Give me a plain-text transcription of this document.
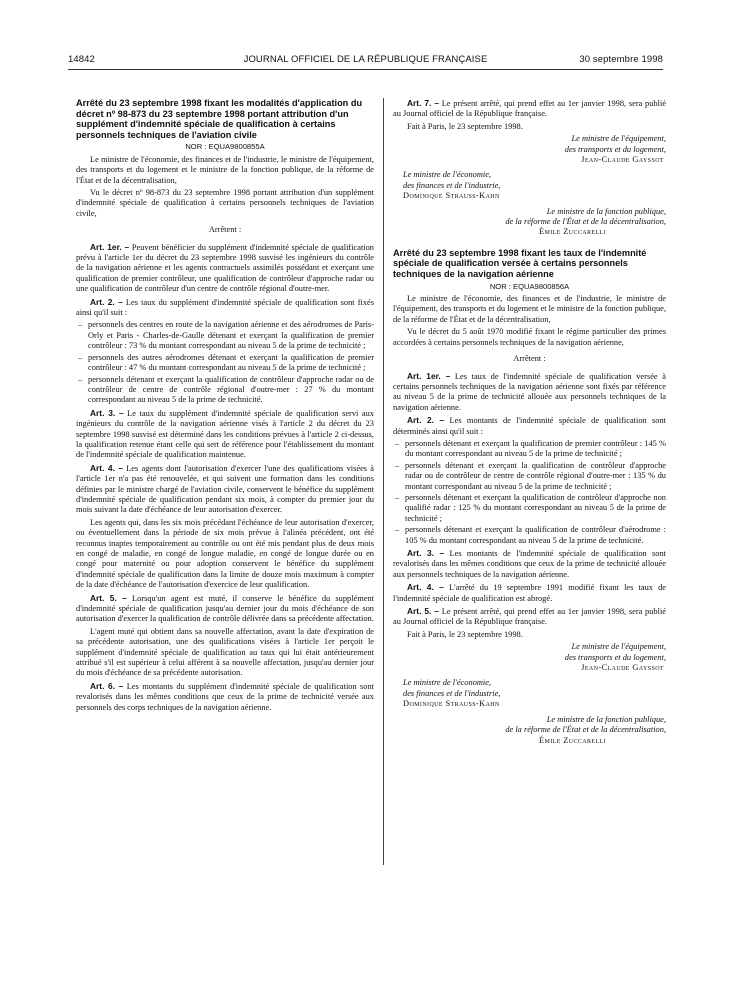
14842	JOURNAL OFFICIEL DE LA RÉPUBLIQUE FRANÇAISE	30 septembre 1998

Arrêté du 23 septembre 1998 fixant les modalités d'application du décret nº 98-873 du 23 septembre 1998 portant attribution d'un supplément d'indemnité spéciale de qualification à certains personnels techniques de l'aviation civile

NOR : EQUA9800855A

Le ministre de l'économie, des finances et de l'industrie, le ministre de l'équipement, des transports et du logement et le ministre de la fonction publique, de la réforme de l'État et de la décentralisation,

Vu le décret nº 98-873 du 23 septembre 1998 portant attribution d'un supplément d'indemnité spéciale de qualification à certains personnels techniques de l'aviation civile,

Arrêtent :

Art. 1er. – Peuvent bénéficier du supplément d'indemnité spéciale de qualification prévu à l'article 1er du décret du 23 septembre 1998 susvisé les ingénieurs du contrôle de la navigation aérienne et les agents contractuels assimilés possédant et exerçant une qualification de premier contrôleur, une qualification de contrôleur d'approche radar ou une qualification de contrôleur d'un centre de contrôle régional d'outre-mer.

Art. 2. – Les taux du supplément d'indemnité spéciale de qualification sont fixés ainsi qu'il suit :

– personnels des centres en route de la navigation aérienne et des aérodromes de Paris-Orly et Paris - Charles-de-Gaulle détenant et exerçant la qualification de premier contrôleur : 73 % du montant correspondant au niveau 5 de la prime de technicité ;
– personnels des autres aérodromes détenant et exerçant la qualification de premier contrôleur : 47 % du montant correspondant au niveau 5 de la prime de technicité ;
– personnels détenant et exerçant la qualification de contrôleur d'approche radar ou de contrôleur de centre de contrôle régional d'outre-mer : 27 % du montant correspondant au niveau 5 de la prime de technicité.

Art. 3. – Le taux du supplément d'indemnité spéciale de qualification servi aux ingénieurs du contrôle de la navigation aérienne visés à l'article 2 du décret du 23 septembre 1998 susvisé est déterminé dans les conditions prévues à l'article 2 ci-dessus, la qualification retenue étant celle qui sert de référence pour l'établissement du montant de l'indemnité spéciale de qualification maintenue.

Art. 4. – Les agents dont l'autorisation d'exercer l'une des qualifications visées à l'article 1er n'a pas été renouvelée, et qui suivent une formation dans les conditions définies par le ministre chargé de l'aviation civile, conservent le bénéfice du supplément d'indemnité spéciale de qualification pendant six mois, à compter du premier jour du mois suivant la date d'échéance de leur autorisation d'exercer.

Les agents qui, dans les six mois précédant l'échéance de leur autorisation d'exercer, ou éventuellement dans la période de six mois prévue à l'alinéa précédent, ont été reconnus inaptes temporairement au contrôle ou ont été mis pendant plus de deux mois en congé de maladie, en congé de longue maladie, en congé de longue durée ou en congé pour maternité ou pour adoption conservent le bénéfice du supplément d'indemnité spéciale de qualification dans la limite de douze mois maximum à compter de la date d'échéance de l'autorisation d'exercice de leur qualification.

Art. 5. – Lorsqu'un agent est muté, il conserve le bénéfice du supplément d'indemnité spéciale de qualification jusqu'au dernier jour du mois d'échéance de son autorisation d'exercer la qualification de contrôle délivrée dans sa précédente affectation.

L'agent muté qui obtient dans sa nouvelle affectation, avant la date d'expiration de sa précédente autorisation, une des qualifications visées à l'article 1er perçoit le supplément d'indemnité spéciale de qualification au taux qui lui était antérieurement attribué s'il est supérieur à celui afférent à sa nouvelle affectation, jusqu'au dernier jour du mois d'échéance de sa précédente autorisation.

Art. 6. – Les montants du supplément d'indemnité spéciale de qualification sont revalorisés dans les mêmes conditions que ceux de la prime de technicité versée aux personnels des corps techniques de la navigation aérienne.

Art. 7. – Le présent arrêté, qui prend effet au 1er janvier 1998, sera publié au Journal officiel de la République française.

Fait à Paris, le 23 septembre 1998.

Le ministre de l'équipement,

des transports et du logement,

Jean-Claude Gayssot

Le ministre de l'économie,

des finances et de l'industrie,

Dominique Strauss-Kahn

Le ministre de la fonction publique,

de la réforme de l'État et de la décentralisation,

Émile Zuccarelli

Arrêté du 23 septembre 1998 fixant les taux de l'indemnité spéciale de qualification versée à certains personnels techniques de la navigation aérienne

NOR : EQUA9800856A

Le ministre de l'économie, des finances et de l'industrie, le ministre de l'équipement, des transports et du logement et le ministre de la fonction publique, de la réforme de l'État et de la décentralisation,

Vu le décret du 5 août 1970 modifié fixant le régime particulier des primes accordées à certains personnels techniques de la navigation aérienne,

Arrêtent :

Art. 1er. – Les taux de l'indemnité spéciale de qualification versée à certains personnels techniques de la navigation aérienne sont fixés par référence au niveau 5 de la prime de technicité allouée aux personnels techniques de la navigation aérienne.

Art. 2. – Les montants de l'indemnité spéciale de qualification sont déterminés ainsi qu'il suit :

– personnels détenant et exerçant la qualification de premier contrôleur : 145 % du montant correspondant au niveau 5 de la prime de technicité ;
– personnels détenant et exerçant la qualification de contrôleur d'approche radar ou de contrôleur de centre de contrôle régional d'outre-mer : 135 % du montant correspondant au niveau 5 de la prime de technicité ;
– personnels détenant et exerçant la qualification de contrôleur d'approche non qualifié radar : 125 % du montant correspondant au niveau 5 de la prime de technicité ;
– personnels détenant et exerçant la qualification de contrôleur d'aérodrome : 105 % du montant correspondant au niveau 5 de la prime de technicité.

Art. 3. – Les montants de l'indemnité spéciale de qualification sont revalorisés dans les mêmes conditions que ceux de la prime de technicité allouée aux personnels techniques de la navigation aérienne.

Art. 4. – L'arrêté du 19 septembre 1991 modifié fixant les taux de l'indemnité spéciale de qualification est abrogé.

Art. 5. – Le présent arrêté, qui prend effet au 1er janvier 1998, sera publié au Journal officiel de la République française.

Fait à Paris, le 23 septembre 1998.

Le ministre de l'équipement,

des transports et du logement,

Jean-Claude Gayssot

Le ministre de l'économie,

des finances et de l'industrie,

Dominique Strauss-Kahn

Le ministre de la fonction publique,

de la réforme de l'État et de la décentralisation,

Émile Zuccarelli
